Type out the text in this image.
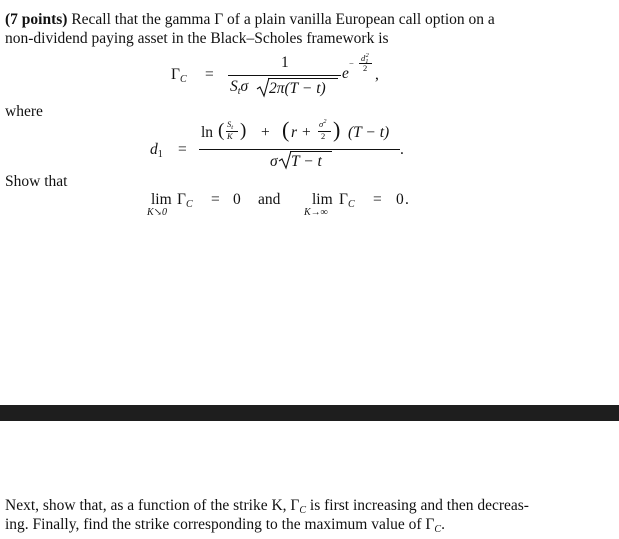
(7 points) Recall that the gamma Γ of a plain vanilla European call option on a
non-dividend paying asset in the Black–Scholes framework is
$\Gamma_C$ =
1
$S_t\sigma$ 2π(T − t)
e
− $d_1^2$
2 ,
where
$d_1$ =
ln ( $S_t$
K ) + ( $r + \sigma^2$
2 ) (T − t)
σ T − t
.
Show that
lim
K↘0
$\Gamma_C = 0$ and lim
K→∞
$\Gamma_C = 0$ .
Next, show that, as a function of the strike K, $\Gamma_C$ is first increasing and then decreas-
ing. Finally, find the strike corresponding to the maximum value of $\Gamma_C$.
